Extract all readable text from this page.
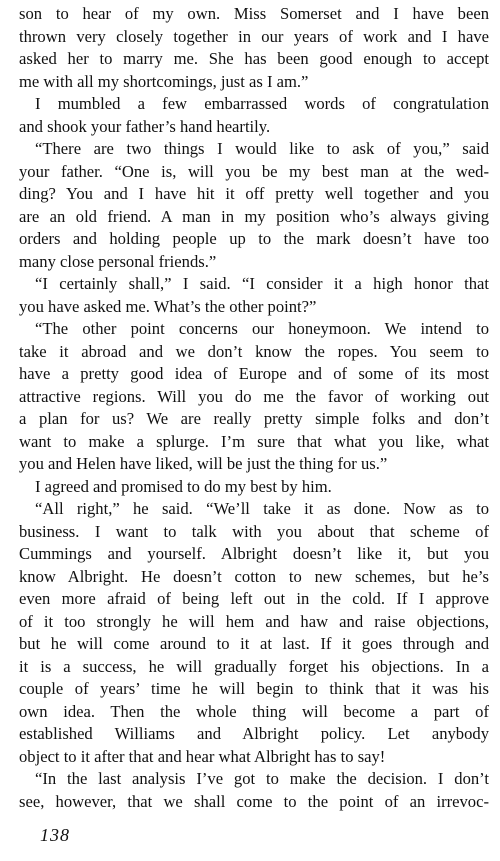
son to hear of my own. Miss Somerset and I have been
thrown very closely together in our years of work and I have
asked her to marry me. She has been good enough to accept
me with all my shortcomings, just as I am.”
I mumbled a few embarrassed words of congratulation
and shook your father’s hand heartily.
“There are two things I would like to ask of you,” said
your father. “One is, will you be my best man at the wed-
ding? You and I have hit it off pretty well together and you
are an old friend. A man in my position who’s always giving
orders and holding people up to the mark doesn’t have too
many close personal friends.”
“I certainly shall,” I said. “I consider it a high honor that
you have asked me. What’s the other point?”
“The other point concerns our honeymoon. We intend to
take it abroad and we don’t know the ropes. You seem to
have a pretty good idea of Europe and of some of its most
attractive regions. Will you do me the favor of working out
a plan for us? We are really pretty simple folks and don’t
want to make a splurge. I’m sure that what you like, what
you and Helen have liked, will be just the thing for us.”
I agreed and promised to do my best by him.
“All right,” he said. “We’ll take it as done. Now as to
business. I want to talk with you about that scheme of
Cummings and yourself. Albright doesn’t like it, but you
know Albright. He doesn’t cotton to new schemes, but he’s
even more afraid of being left out in the cold. If I approve
of it too strongly he will hem and haw and raise objections,
but he will come around to it at last. If it goes through and
it is a success, he will gradually forget his objections. In a
couple of years’ time he will begin to think that it was his
own idea. Then the whole thing will become a part of
established Williams and Albright policy. Let anybody
object to it after that and hear what Albright has to say!
“In the last analysis I’ve got to make the decision. I don’t
see, however, that we shall come to the point of an irrevoc-
138
